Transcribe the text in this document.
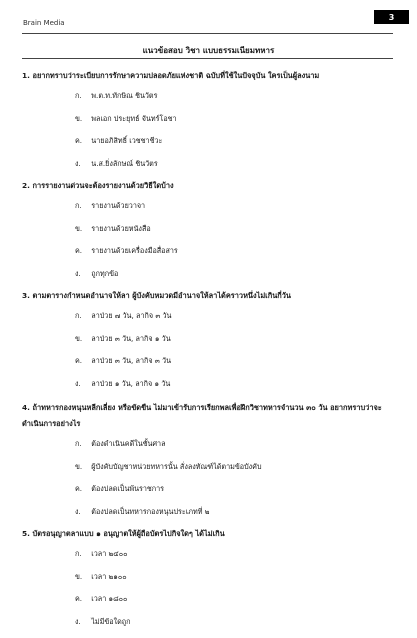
Brain Media
3
แนวข้อสอบ วิชา แบบธรรมเนียมทหาร
1. อยากทราบว่าระเบียบการรักษาความปลอดภัยแห่งชาติ ฉบับที่ใช้ในปัจจุบัน ใครเป็นผู้ลงนาม
ก. พ.ต.ท.ทักษิณ ชินวัตร
ข. พลเอก ประยุทธ์ จันทร์โอชา
ค. นายอภิสิทธิ์ เวชชาชีวะ
ง. น.ส.ยิ่งลักษณ์ ชินวัตร
2. การรายงานด่วนจะต้องรายงานด้วยวิธีใดบ้าง
ก. รายงานด้วยวาจา
ข. รายงานด้วยหนังสือ
ค. รายงานด้วยเครื่องมือสื่อสาร
ง. ถูกทุกข้อ
3. ตามตารางกำหนดอำนาจให้ลา ผู้บังคับหมวดมีอำนาจให้ลาได้คราวหนึ่งไม่เกินกี่วัน
ก. ลาป่วย ๗ วัน, ลากิจ ๓ วัน
ข. ลาป่วย ๓ วัน, ลากิจ ๑ วัน
ค. ลาป่วย ๓ วัน, ลากิจ ๓ วัน
ง. ลาป่วย ๑ วัน, ลากิจ ๑ วัน
4. ถ้าทหารกองหนุนหลีกเลี่ยง หรือขัดขืน ไม่มาเข้ารับการเรียกพลเพื่อฝึกวิชาทหารจำนวน ๓๐ วัน อยากทราบว่าจะดำเนินการอย่างไร
ก. ต้องดำเนินคดีในชั้นศาล
ข. ผู้บังคับบัญชาหน่วยทหารนั้น สั่งลงทัณฑ์ได้ตามข้อบังคับ
ค. ต้องปลดเป็นพ้นราชการ
ง. ต้องปลดเป็นทหารกองหนุนประเภทที่ ๒
5. บัตรอนุญาตลาแบบ ๑ อนุญาตให้ผู้ถือบัตรไปกิจใดๆ ได้ไม่เกิน
ก. เวลา ๒๔๐๐
ข. เวลา ๒๑๐๐
ค. เวลา ๑๘๐๐
ง. ไม่มีข้อใดถูก
